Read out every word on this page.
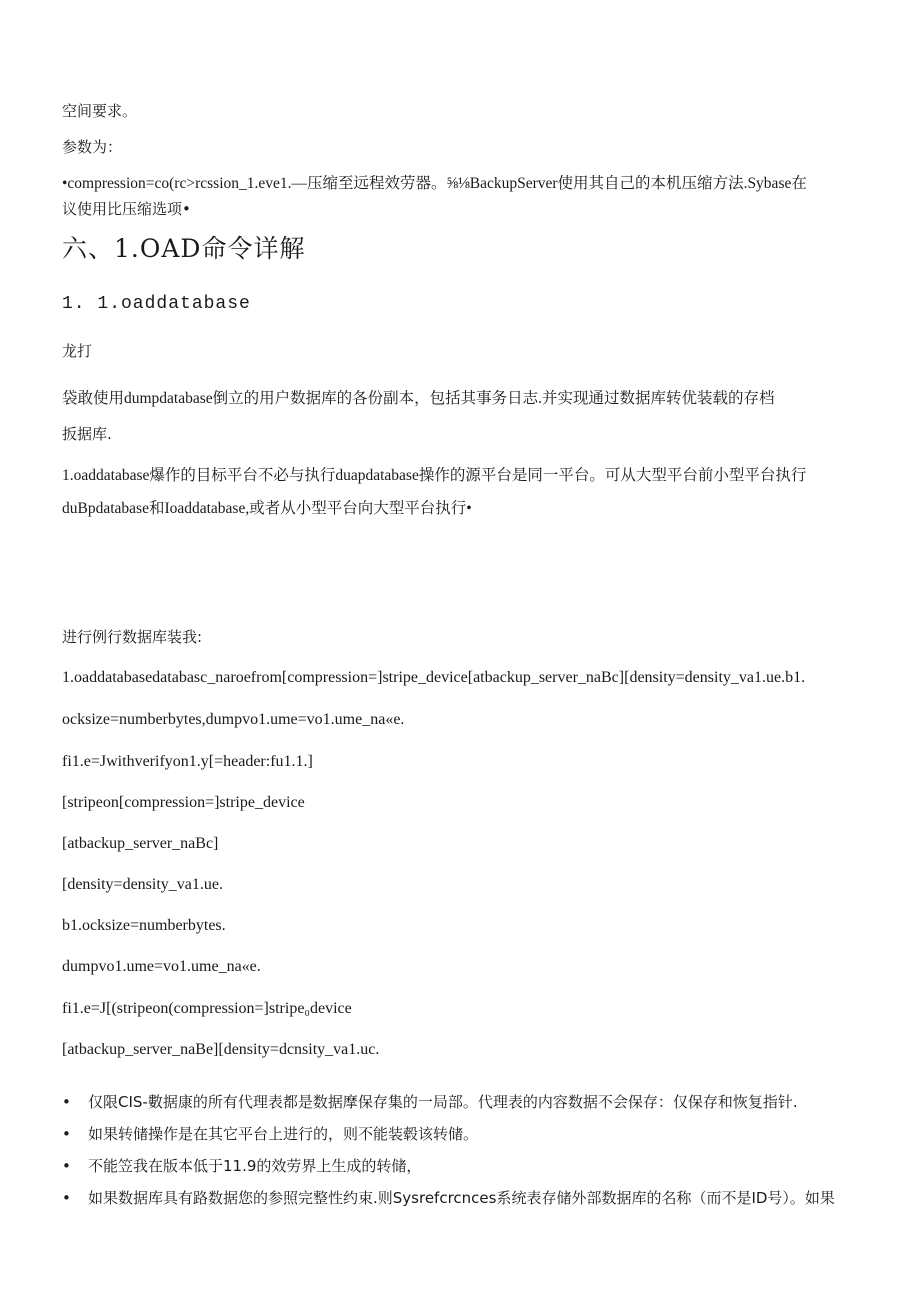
空间要求。

参数为：

•compression=co(rc>rcssion_1.eve1.—压缩至远程效劳器。⅝⅛BackupServer使用其自己的本机压缩方法.Sybase在

议使用比压缩选项•

六、1.OAD命令详解
1. 1.oaddatabase

龙打

袋敢使用dumpdatabase倒立的用户数据库的各份副本，包括其事务日志.并实现通过数据库转优装载的存档

扳据库.

1.oaddatabase爆作的目标平台不必与执行duapdatabase操作的源平台是同一平台。可从大型平台前小型平台执行

duBpdatabase和Ioaddatabase,或者从小型平台向大型平台执行•

进行例行数据库装我:

1.oaddatabasedatabasc_naroefrom[compression=]stripe_device[atbackup_server_naBc][density=density_va1.ue.b1.

ocksize=numberbytes,dumpvo1.ume=vo1.ume_na«e.

fi1.e=Jwithverifyon1.y[=header:fu1.1.]

[stripeon[compression=]stripe_device

[atbackup_server_naBc]

[density=density_va1.ue.

b1.ocksize=numberbytes.

dumpvo1.ume=vo1.ume_na«e.

fi1.e=J[(stripeon(compression=]stripe₀device

[atbackup_server_naBe][density=dcnsity_va1.uc.

• 仅限CIS-數据康的所有代理表都是数据摩保存集的一局部。代理表的内容数据不会保存：仅保存和恢复指针.
• 如果转储操作是在其它平台上进行的，则不能装毂该转储。
• 不能笠我在版本低于11.9的效劳界上生成的转储，
• 如果数据库具有路数据您的参照完整性约束.则Sysrefcrcnces系统表存储外部数据库的名称（而不是ID号）。如果
